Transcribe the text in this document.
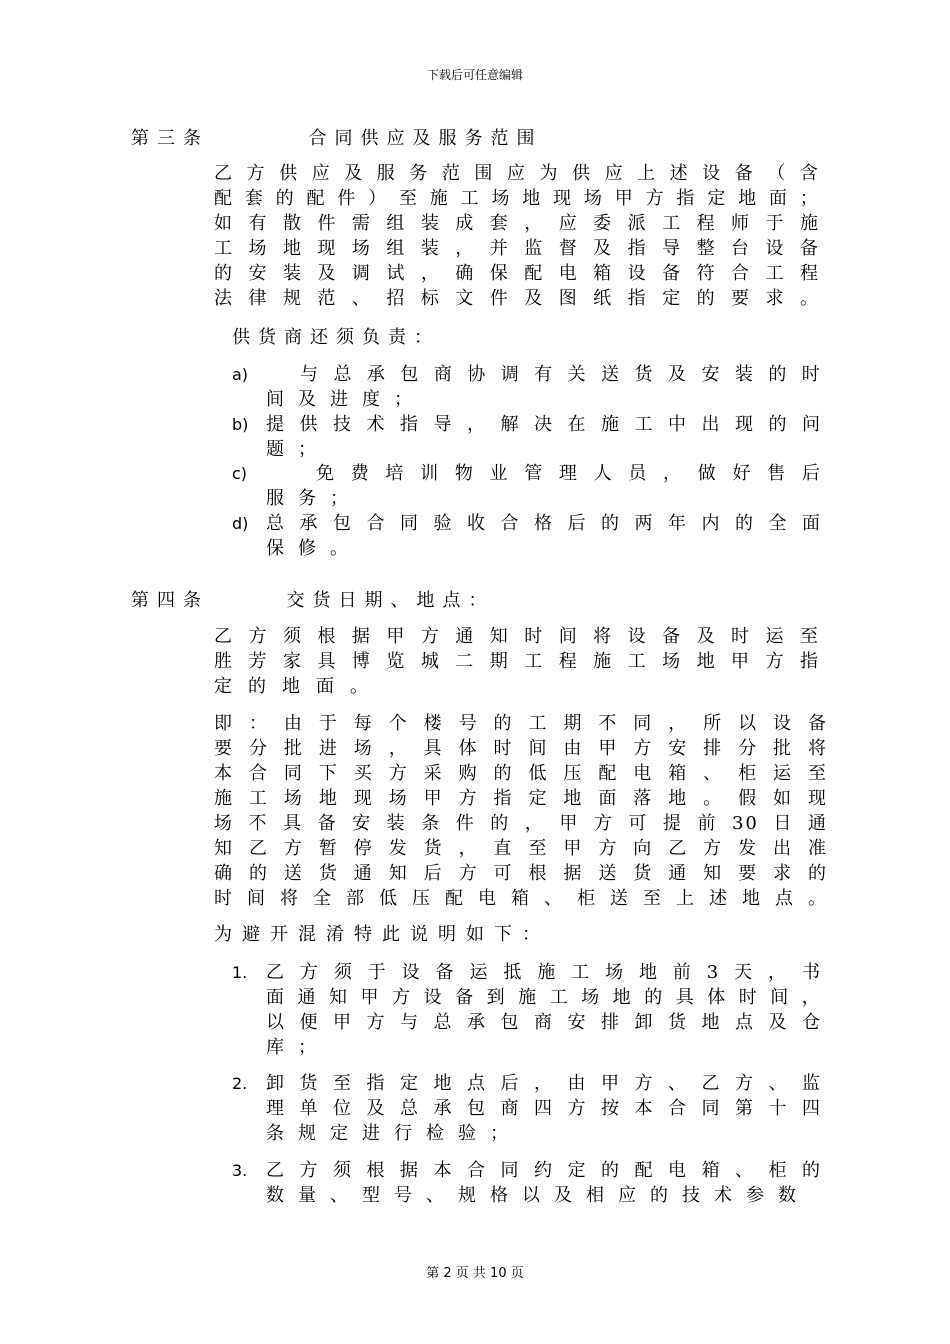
下载后可任意编辑
第三条	合同供应及服务范围
乙 方 供 应 及 服 务 范 围 应 为 供 应 上 述 设 备 （ 含
配 套 的 配 件 ） 至 施 工 场 地 现 场 甲 方 指 定 地 面 ；
如 有 散 件 需 组 装 成 套 ， 应 委 派 工 程 师 于 施
工 场 地 现 场 组 装 ， 并 监 督 及 指 导 整 台 设 备
的 安 装 及 调 试 ， 确 保 配 电 箱 设 备 符 合 工 程
法 律 规 范 、 招 标 文 件 及 图 纸 指 定 的 要 求 。
供货商还须负责：
a)	与 总 承 包 商 协 调 有 关 送 货 及 安 装 的 时
间 及 进 度 ；
b) 提 供 技 术 指 导 ， 解 决 在 施 工 中 出 现 的 问
题 ；
c)	免 费 培 训 物 业 管 理 人 员 ， 做 好 售 后
服 务 ；
d) 总 承 包 合 同 验 收 合 格 后 的 两 年 内 的 全 面
保 修 。
第四条	交货日期、地点：
乙 方 须 根 据 甲 方 通 知 时 间 将 设 备 及 时 运 至
胜 芳 家 具 博 览 城 二 期 工 程 施 工 场 地 甲 方 指
定 的 地 面 。
即 ： 由 于 每 个 楼 号 的 工 期 不 同 ， 所 以 设 备
要 分 批 进 场 ， 具 体 时 间 由 甲 方 安 排 分 批 将
本 合 同 下 买 方 采 购 的 低 压 配 电 箱 、 柜 运 至
施 工 场 地 现 场 甲 方 指 定 地 面 落 地 。 假 如 现
场 不 具 备 安 装 条 件 的 ， 甲 方 可 提 前 30 日 通
知 乙 方 暂 停 发 货 ， 直 至 甲 方 向 乙 方 发 出 准
确 的 送 货 通 知 后 方 可 根 据 送 货 通 知 要 求 的
时 间 将 全 部 低 压 配 电 箱 、 柜 送 至 上 述 地 点 。
为避开混淆特此说明如下：
1. 乙 方 须 于 设 备 运 抵 施 工 场 地 前 3 天 ， 书
面 通 知 甲 方 设 备 到 施 工 场 地 的 具 体 时 间 ，
以 便 甲 方 与 总 承 包 商 安 排 卸 货 地 点 及 仓
库 ；
2. 卸 货 至 指 定 地 点 后 ， 由 甲 方 、 乙 方 、 监
理 单 位 及 总 承 包 商 四 方 按 本 合 同 第 十 四
条 规 定 进 行 检 验 ；
3. 乙 方 须 根 据 本 合 同 约 定 的 配 电 箱 、 柜 的
数 量 、 型 号 、 规 格 以 及 相 应 的 技 术 参 数
第 2 页 共 10 页
